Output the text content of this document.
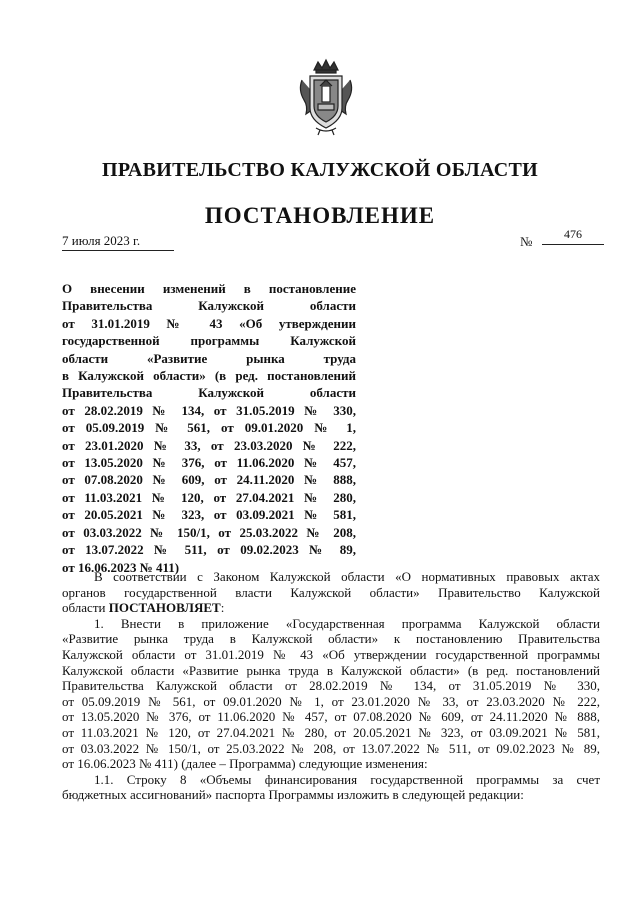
ПРАВИТЕЛЬСТВО КАЛУЖСКОЙ ОБЛАСТИ
ПОСТАНОВЛЕНИЕ
7 июля 2023 г.	№	476
О внесении изменений в постановление
Правительства Калужской области
от 31.01.2019 № 43 «Об утверждении
государственной программы Калужской
области «Развитие рынка труда
в Калужской области» (в ред. постановлений
Правительства Калужской области
от 28.02.2019 № 134, от 31.05.2019 № 330,
от 05.09.2019 № 561, от 09.01.2020 № 1,
от 23.01.2020 № 33, от 23.03.2020 № 222,
от 13.05.2020 № 376, от 11.06.2020 № 457,
от 07.08.2020 № 609, от 24.11.2020 № 888,
от 11.03.2021 № 120, от 27.04.2021 № 280,
от 20.05.2021 № 323, от 03.09.2021 № 581,
от 03.03.2022 № 150/1, от 25.03.2022 № 208,
от 13.07.2022 № 511, от 09.02.2023 № 89,
от 16.06.2023 № 411)
В соответствии с Законом Калужской области «О нормативных правовых актах
органов государственной власти Калужской области» Правительство Калужской
области ПОСТАНОВЛЯЕТ:
1. Внести в приложение «Государственная программа Калужской области
«Развитие рынка труда в Калужской области» к постановлению Правительства
Калужской области от 31.01.2019 № 43 «Об утверждении государственной программы
Калужской области «Развитие рынка труда в Калужской области» (в ред. постановлений
Правительства Калужской области от 28.02.2019 № 134, от 31.05.2019 № 330,
от 05.09.2019 № 561, от 09.01.2020 № 1, от 23.01.2020 № 33, от 23.03.2020 № 222,
от 13.05.2020 № 376, от 11.06.2020 № 457, от 07.08.2020 № 609, от 24.11.2020 № 888,
от 11.03.2021 № 120, от 27.04.2021 № 280, от 20.05.2021 № 323, от 03.09.2021 № 581,
от 03.03.2022 № 150/1, от 25.03.2022 № 208, от 13.07.2022 № 511, от 09.02.2023 № 89,
от 16.06.2023 № 411) (далее – Программа) следующие изменения:
1.1. Строку 8 «Объемы финансирования государственной программы за счет
бюджетных ассигнований» паспорта Программы изложить в следующей редакции:
